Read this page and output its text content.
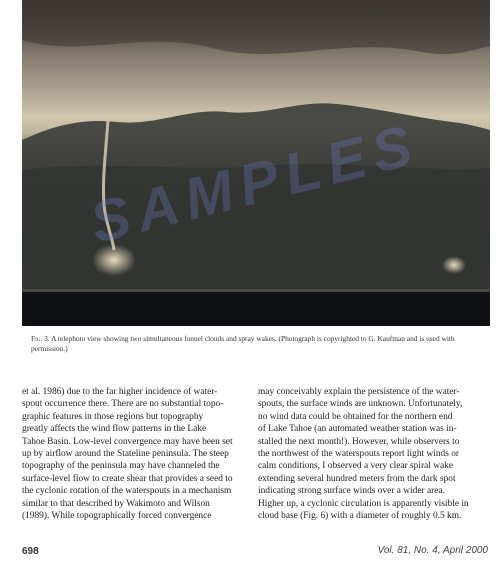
SAMPLES
Fig. 3. A telephoto view showing two simultaneous funnel clouds and spray wakes. (Photograph is copyrighted to G. Kaufman and is used with permission.)

et al. 1986) due to the far higher incidence of water-

spout occurrence there. There are no substantial topo-

graphic features in those regions but topography

greatly affects the wind flow patterns in the Lake

Tahoe Basin. Low-level convergence may have been set

up by airflow around the Stateline peninsula. The steep

topography of the peninsula may have channeled the

surface-level flow to create shear that provides a seed to

the cyclonic rotation of the waterspouts in a mechanism

similar to that described by Wakimoto and Wilson

(1989). While topographically forced convergence

may conceivably explain the persistence of the water-

spouts, the surface winds are unknown. Unfortunately,

no wind data could be obtained for the northern end

of Lake Tahoe (an automated weather station was in-

stalled the next month!). However, while observers to

the northwest of the waterspouts report light winds or

calm conditions, I observed a very clear spiral wake

extending several hundred meters from the dark spot

indicating strong surface winds over a wider area.

Higher up, a cyclonic circulation is apparently visible in

cloud base (Fig. 6) with a diameter of roughly 0.5 km.

698	Vol. 81, No. 4, April 2000
